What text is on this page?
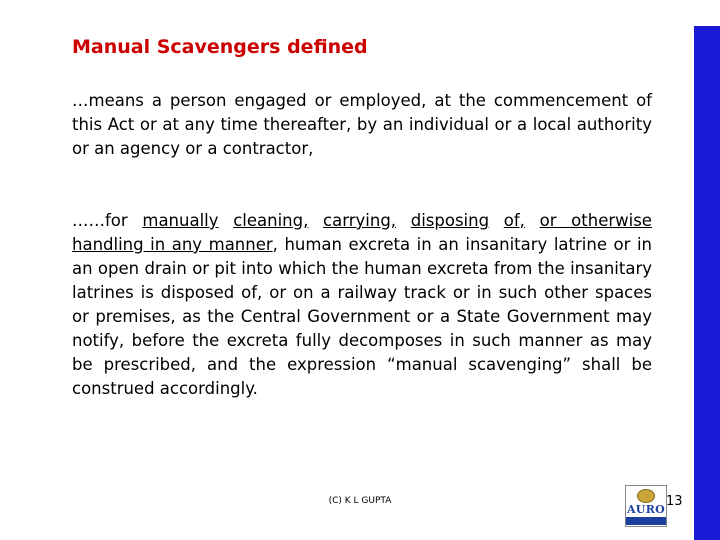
Manual Scavengers defined
…means a person engaged or employed, at the commencement of this Act or at any time thereafter, by an individual or a local authority or an agency or a contractor,
……for manually cleaning, carrying, disposing of, or otherwise handling in any manner, human excreta in an insanitary latrine or in an open drain or pit into which the human excreta from the insanitary latrines is disposed of, or on a railway track or in such other spaces or premises, as the Central Government or a State Government may notify, before the excreta fully decomposes in such manner as may be prescribed, and the expression “manual scavenging” shall be construed accordingly.
(C) K L GUPTA
AURO
13
